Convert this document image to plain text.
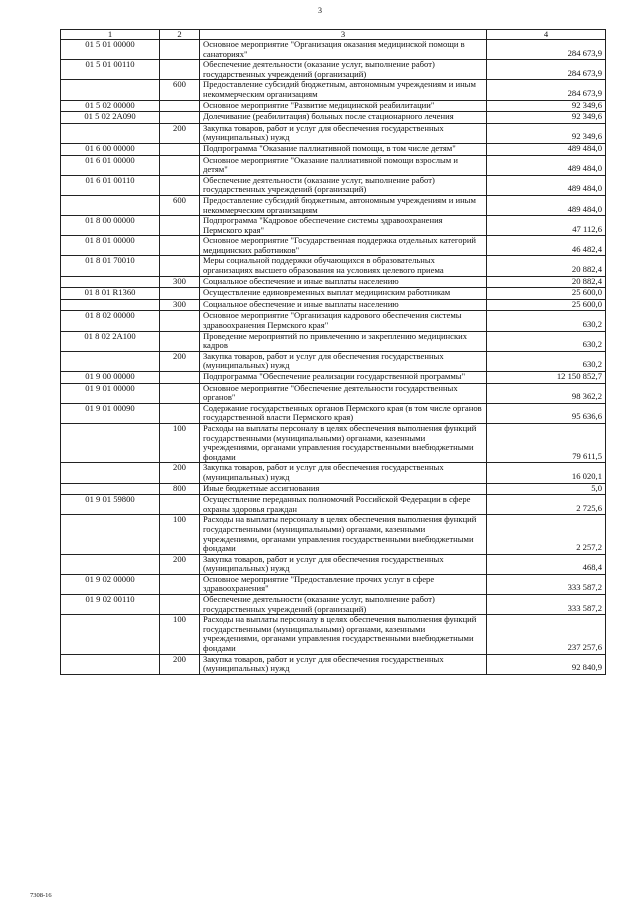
3
1	2	3	4
01 5 01 00000		Основное мероприятие "Организация оказания медицинской помощи в санаториях"	284 673,9
01 5 01 00110		Обеспечение деятельности (оказание услуг, выполнение работ) государственных учреждений (организаций)	284 673,9
	600	Предоставление субсидий бюджетным, автономным учреждениям и иным некоммерческим организациям	284 673,9
01 5 02 00000		Основное мероприятие "Развитие медицинской реабилитации"	92 349,6
01 5 02 2А090		Долечивание (реабилитация) больных после стационарного лечения	92 349,6
	200	Закупка товаров, работ и услуг для обеспечения государственных (муниципальных) нужд	92 349,6
01 6 00 00000		Подпрограмма "Оказание паллиативной помощи, в том числе детям"	489 484,0
01 6 01 00000		Основное мероприятие "Оказание паллиативной помощи взрослым и детям"	489 484,0
01 6 01 00110		Обеспечение деятельности (оказание услуг, выполнение работ) государственных учреждений (организаций)	489 484,0
	600	Предоставление субсидий бюджетным, автономным учреждениям и иным некоммерческим организациям	489 484,0
01 8 00 00000		Подпрограмма "Кадровое обеспечение системы здравоохранения Пермского края"	47 112,6
01 8 01 00000		Основное мероприятие "Государственная поддержка отдельных категорий медицинских работников"	46 482,4
01 8 01 70010		Меры социальной поддержки обучающихся в образовательных организациях высшего образования на условиях целевого приема	20 882,4
	300	Социальное обеспечение и иные выплаты населению	20 882,4
01 8 01 R1360		Осуществление единовременных выплат медицинским работникам	25 600,0
	300	Социальное обеспечение и иные выплаты населению	25 600,0
01 8 02 00000		Основное мероприятие "Организация кадрового обеспечения системы здравоохранения Пермского края"	630,2
01 8 02 2А100		Проведение мероприятий по привлечению и закреплению медицинских кадров	630,2
	200	Закупка товаров, работ и услуг для обеспечения государственных (муниципальных) нужд	630,2
01 9 00 00000		Подпрограмма "Обеспечение реализации государственной программы"	12 150 852,7
01 9 01 00000		Основное мероприятие "Обеспечение деятельности государственных органов"	98 362,2
01 9 01 00090		Содержание государственных органов Пермского края (в том числе органов государственной власти Пермского края)	95 636,6
	100	Расходы на выплаты персоналу в целях обеспечения выполнения функций государственными (муниципальными) органами, казенными учреждениями, органами управления государственными внебюджетными фондами	79 611,5
	200	Закупка товаров, работ и услуг для обеспечения государственных (муниципальных) нужд	16 020,1
	800	Иные бюджетные ассигнования	5,0
01 9 01 59800		Осуществление переданных полномочий Российской Федерации в сфере охраны здоровья граждан	2 725,6
	100	Расходы на выплаты персоналу в целях обеспечения выполнения функций государственными (муниципальными) органами, казенными учреждениями, органами управления государственными внебюджетными фондами	2 257,2
	200	Закупка товаров, работ и услуг для обеспечения государственных (муниципальных) нужд	468,4
01 9 02 00000		Основное мероприятие "Предоставление прочих услуг в сфере здравоохранения"	333 587,2
01 9 02 00110		Обеспечение деятельности (оказание услуг, выполнение работ) государственных учреждений (организаций)	333 587,2
	100	Расходы на выплаты персоналу в целях обеспечения выполнения функций государственными (муниципальными) органами, казенными учреждениями, органами управления государственными внебюджетными фондами	237 257,6
	200	Закупка товаров, работ и услуг для обеспечения государственных (муниципальных) нужд	92 840,9
7308-16
